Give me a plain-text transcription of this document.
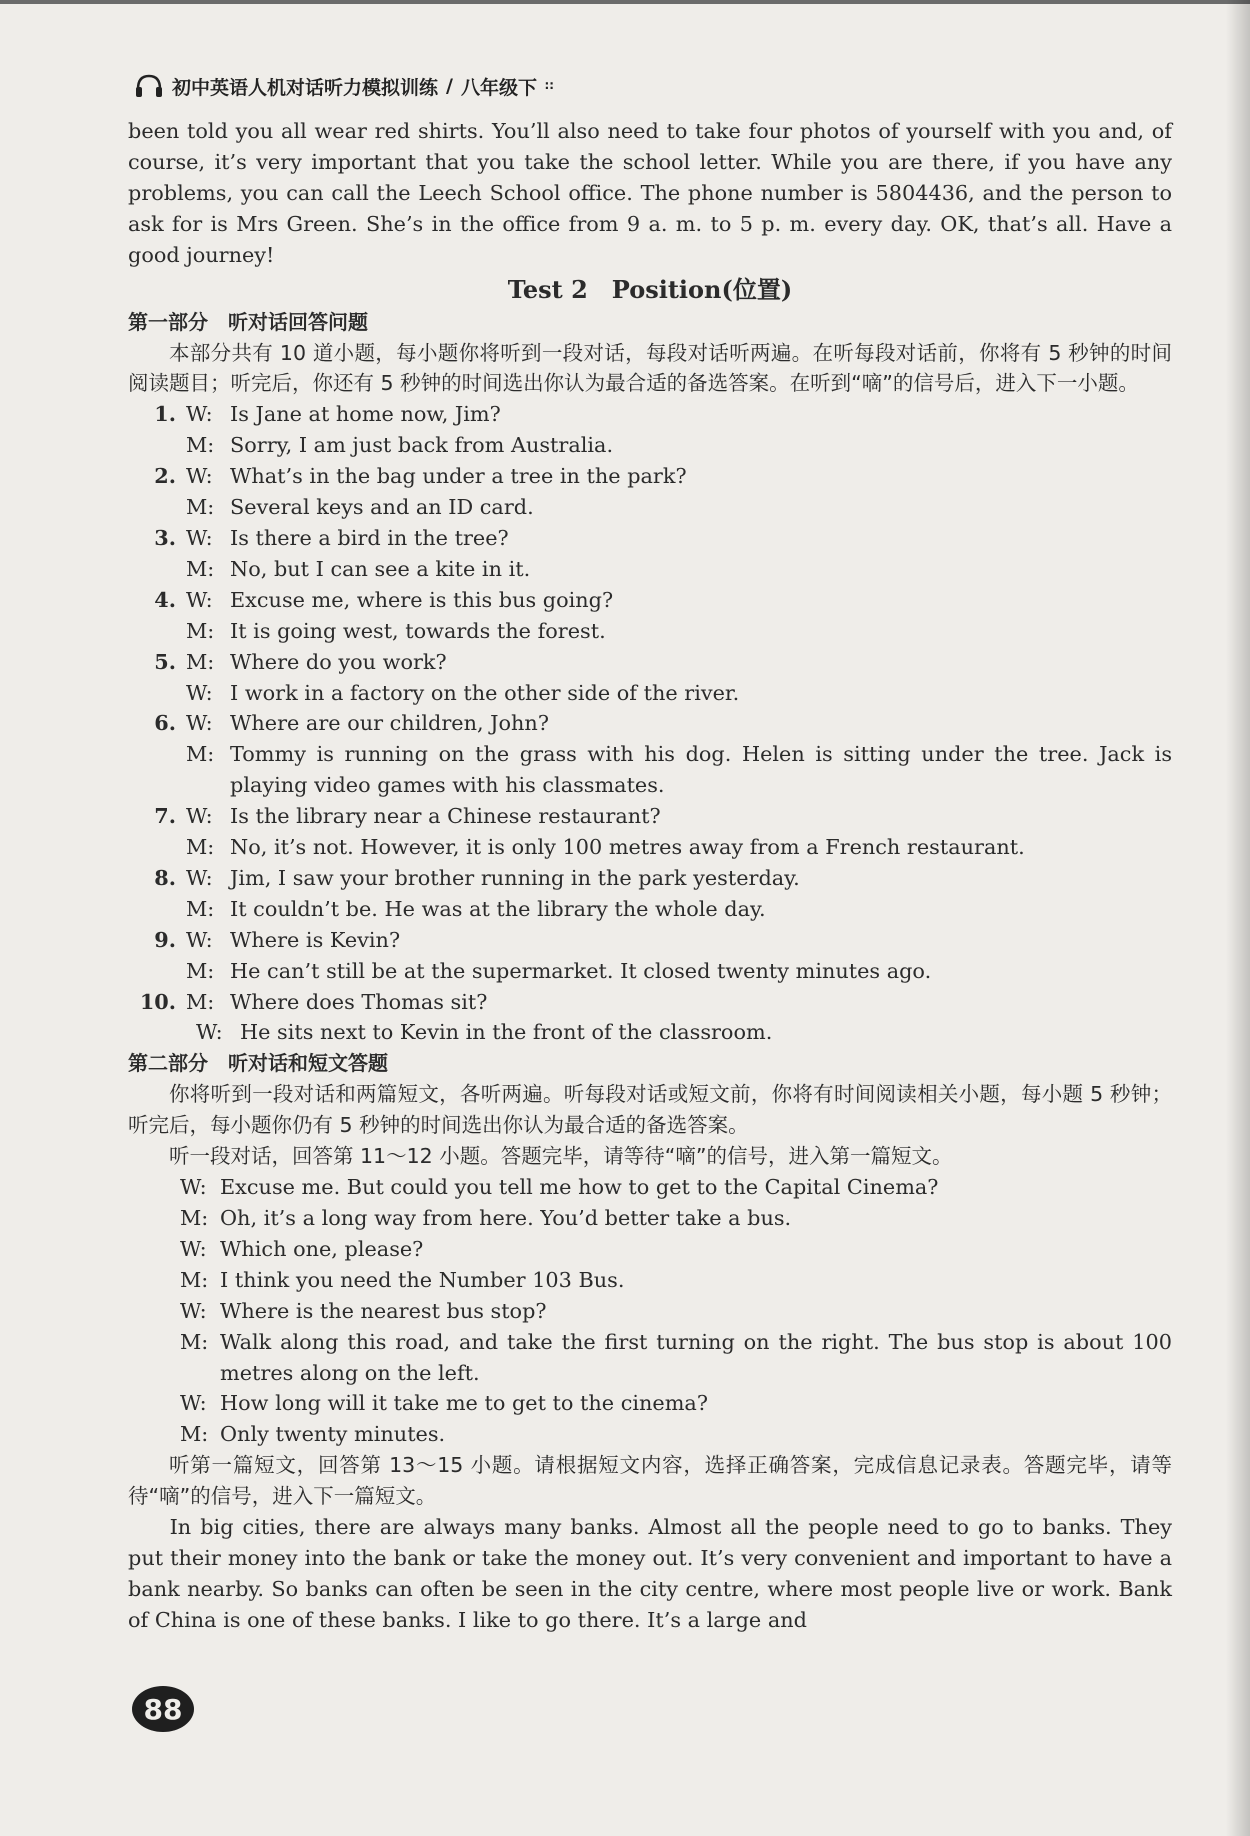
初中英语人机对话听力模拟训练 / 八年级下 ∷

been told you all wear red shirts. You’ll also need to take four photos of yourself with you and, of course, it’s very important that you take the school letter. While you are there, if you have any problems, you can call the Leech School office. The phone number is 5804436, and the person to ask for is Mrs Green. She’s in the office from 9 a. m. to 5 p. m. every day. OK, that’s all. Have a good journey!

Test 2　Position(位置)

第一部分　听对话回答问题

本部分共有 10 道小题，每小题你将听到一段对话，每段对话听两遍。在听每段对话前，你将有 5 秒钟的时间阅读题目；听完后，你还有 5 秒钟的时间选出你认为最合适的备选答案。在听到“嘀”的信号后，进入下一小题。

1. W: Is Jane at home now, Jim?
M: Sorry, I am just back from Australia.
2. W: What’s in the bag under a tree in the park?
M: Several keys and an ID card.
3. W: Is there a bird in the tree?
M: No, but I can see a kite in it.
4. W: Excuse me, where is this bus going?
M: It is going west, towards the forest.
5. M: Where do you work?
W: I work in a factory on the other side of the river.
6. W: Where are our children, John?
M: Tommy is running on the grass with his dog. Helen is sitting under the tree. Jack is playing video games with his classmates.
7. W: Is the library near a Chinese restaurant?
M: No, it’s not. However, it is only 100 metres away from a French restaurant.
8. W: Jim, I saw your brother running in the park yesterday.
M: It couldn’t be. He was at the library the whole day.
9. W: Where is Kevin?
M: He can’t still be at the supermarket. It closed twenty minutes ago.
10. M: Where does Thomas sit?
W: He sits next to Kevin in the front of the classroom.

第二部分　听对话和短文答题

你将听到一段对话和两篇短文，各听两遍。听每段对话或短文前，你将有时间阅读相关小题，每小题 5 秒钟；听完后，每小题你仍有 5 秒钟的时间选出你认为最合适的备选答案。

听一段对话，回答第 11～12 小题。答题完毕，请等待“嘀”的信号，进入第一篇短文。

W: Excuse me. But could you tell me how to get to the Capital Cinema?
M: Oh, it’s a long way from here. You’d better take a bus.
W: Which one, please?
M: I think you need the Number 103 Bus.
W: Where is the nearest bus stop?
M: Walk along this road, and take the first turning on the right. The bus stop is about 100 metres along on the left.
W: How long will it take me to get to the cinema?
M: Only twenty minutes.

听第一篇短文，回答第 13～15 小题。请根据短文内容，选择正确答案，完成信息记录表。答题完毕，请等待“嘀”的信号，进入下一篇短文。

In big cities, there are always many banks. Almost all the people need to go to banks. They put their money into the bank or take the money out. It’s very convenient and important to have a bank nearby. So banks can often be seen in the city centre, where most people live or work. Bank of China is one of these banks. I like to go there. It’s a large and

88
